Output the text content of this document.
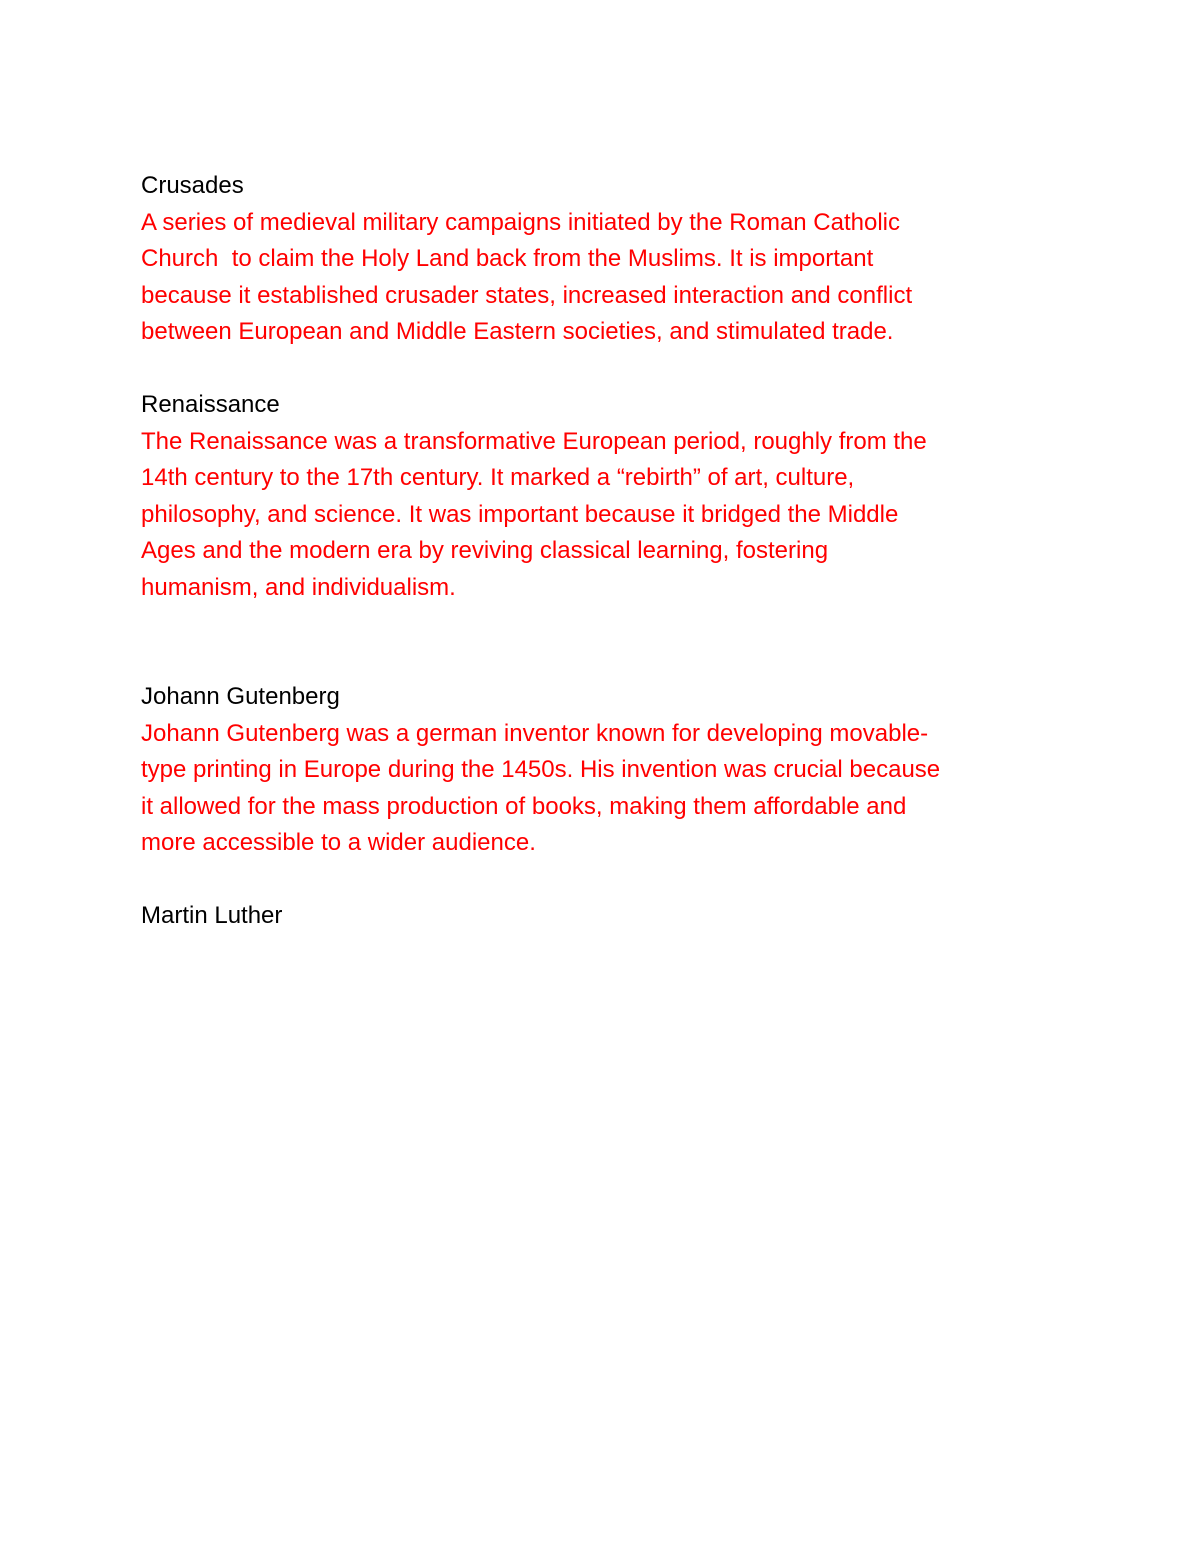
Crusades

A series of medieval military campaigns initiated by the Roman Catholic
Church  to claim the Holy Land back from the Muslims. It is important
because it established crusader states, increased interaction and conflict
between European and Middle Eastern societies, and stimulated trade.

Renaissance

The Renaissance was a transformative European period, roughly from the
14th century to the 17th century. It marked a “rebirth” of art, culture,
philosophy, and science. It was important because it bridged the Middle
Ages and the modern era by reviving classical learning, fostering
humanism, and individualism.

Johann Gutenberg

Johann Gutenberg was a german inventor known for developing movable-
type printing in Europe during the 1450s. His invention was crucial because
it allowed for the mass production of books, making them affordable and
more accessible to a wider audience.

Martin Luther
